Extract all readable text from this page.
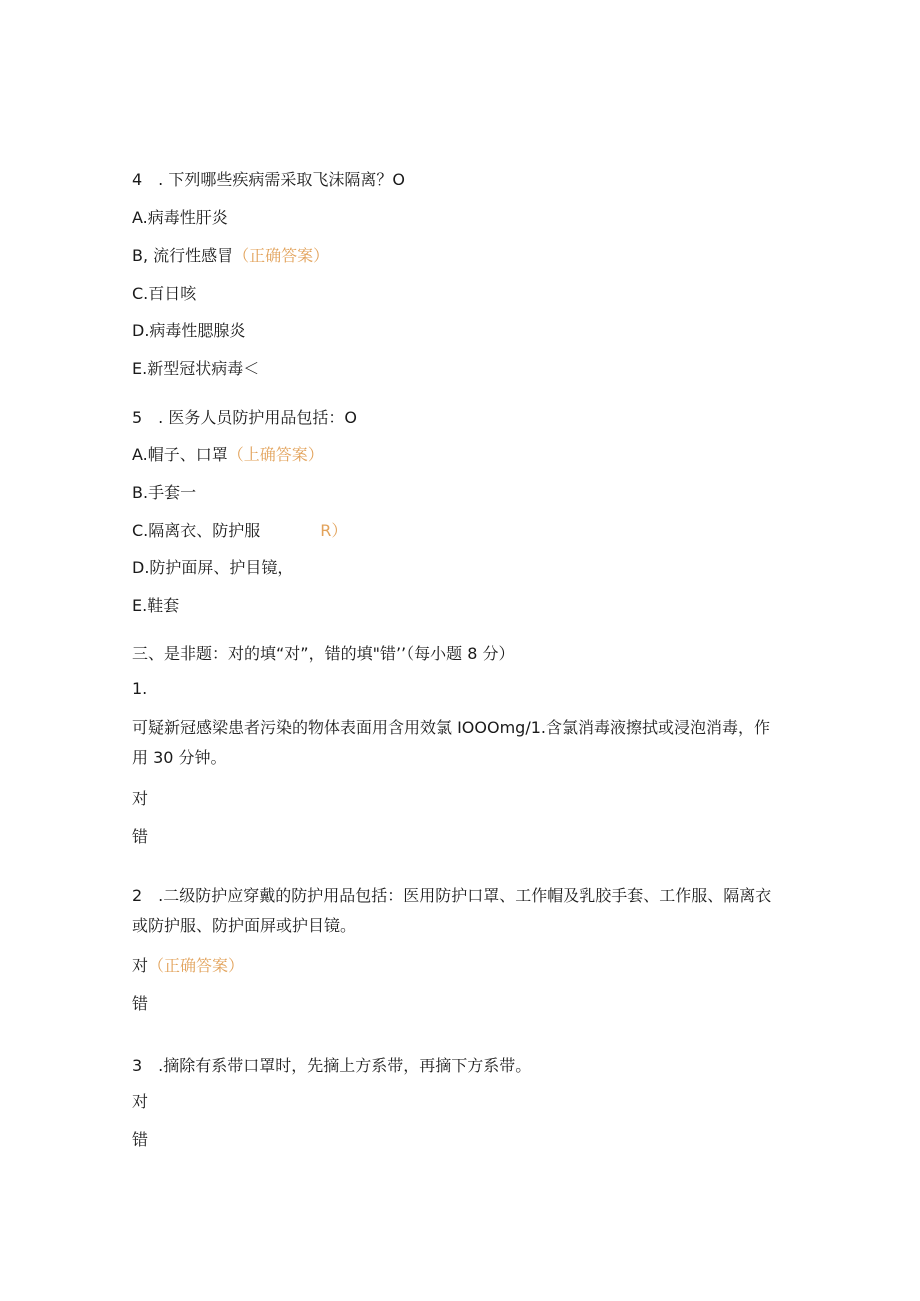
4　. 下列哪些疾病需采取飞沫隔离？O
A.病毒性肝炎
B, 流行性感冒（正确答案）
C.百日咳
D.病毒性腮腺炎
E.新型冠状病毒＜
5　. 医务人员防护用品包括：O
A.帽子、口罩（上确答案）
B.手套一
C.隔离衣、防护服	R）
D.防护面屏、护目镜，
E.鞋套
三、是非题：对的填“对”，错的填"错’’（每小题 8 分）
1.
可疑新冠感梁患者污染的物体表面用含用效氯 IOOOmg/1.含氯消毒液擦拭或浸泡消毒，作用 30 分钟。
对
错
2　.二级防护应穿戴的防护用品包括：医用防护口罩、工作帽及乳胶手套、工作服、隔离衣或防护服、防护面屏或护目镜。
对（正确答案）
错
3　.摘除有系带口罩时，先摘上方系带，再摘下方系带。
对
错
